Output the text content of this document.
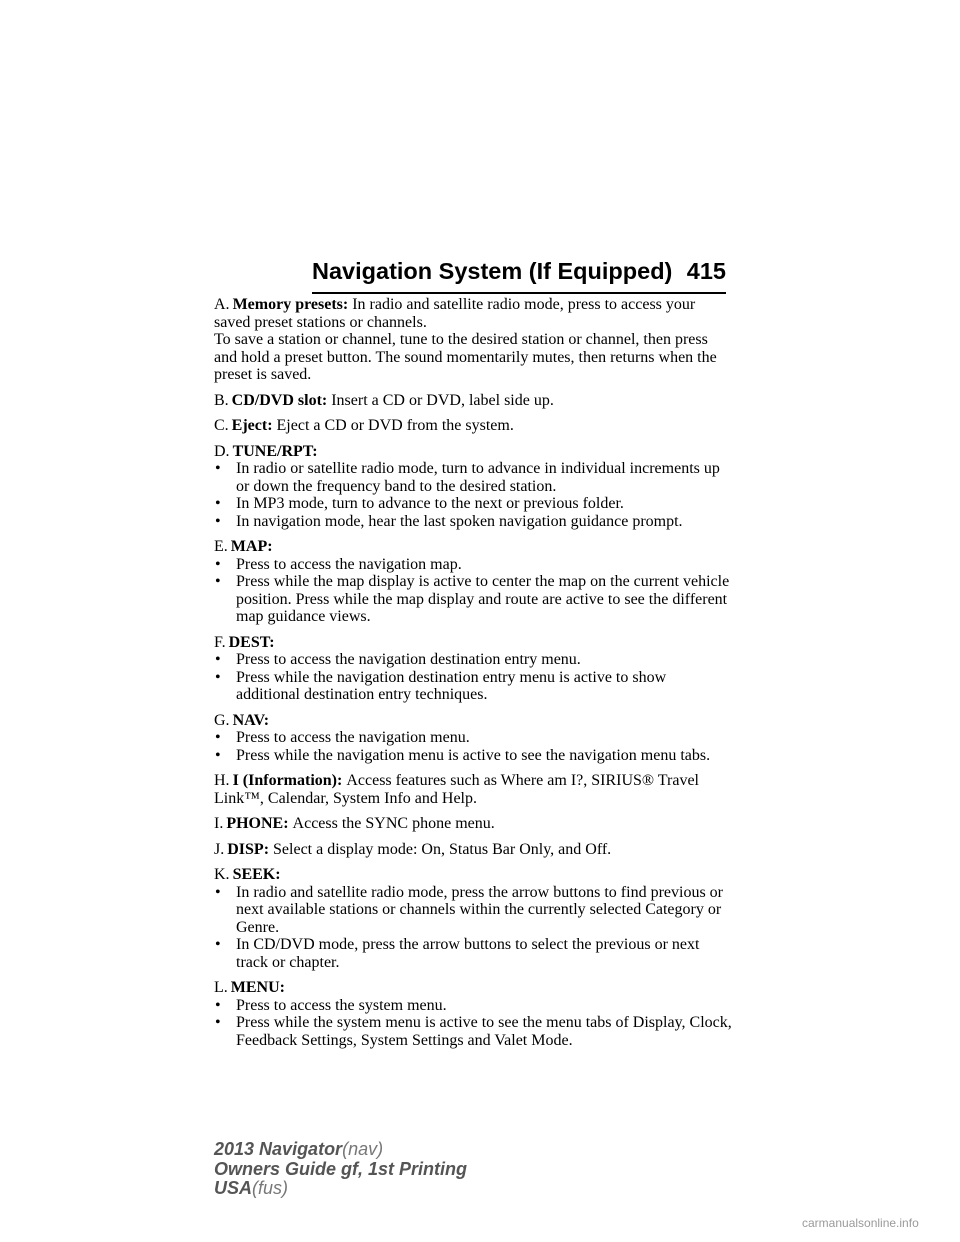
Navigation System (If Equipped) 415
A. Memory presets: In radio and satellite radio mode, press to access your saved preset stations or channels.
To save a station or channel, tune to the desired station or channel, then press and hold a preset button. The sound momentarily mutes, then returns when the preset is saved.
B. CD/DVD slot: Insert a CD or DVD, label side up.
C. Eject: Eject a CD or DVD from the system.
D. TUNE/RPT:
• In radio or satellite radio mode, turn to advance in individual increments up or down the frequency band to the desired station.
• In MP3 mode, turn to advance to the next or previous folder.
• In navigation mode, hear the last spoken navigation guidance prompt.
E. MAP:
• Press to access the navigation map.
• Press while the map display is active to center the map on the current vehicle position. Press while the map display and route are active to see the different map guidance views.
F. DEST:
• Press to access the navigation destination entry menu.
• Press while the navigation destination entry menu is active to show additional destination entry techniques.
G. NAV:
• Press to access the navigation menu.
• Press while the navigation menu is active to see the navigation menu tabs.
H. I (Information): Access features such as Where am I?, SIRIUS® Travel Link™, Calendar, System Info and Help.
I. PHONE: Access the SYNC phone menu.
J. DISP: Select a display mode: On, Status Bar Only, and Off.
K. SEEK:
• In radio and satellite radio mode, press the arrow buttons to find previous or next available stations or channels within the currently selected Category or Genre.
• In CD/DVD mode, press the arrow buttons to select the previous or next track or chapter.
L. MENU:
• Press to access the system menu.
• Press while the system menu is active to see the menu tabs of Display, Clock, Feedback Settings, System Settings and Valet Mode.
2013 Navigator(nav)
Owners Guide gf, 1st Printing
USA(fus)
carmanualsonline.info
